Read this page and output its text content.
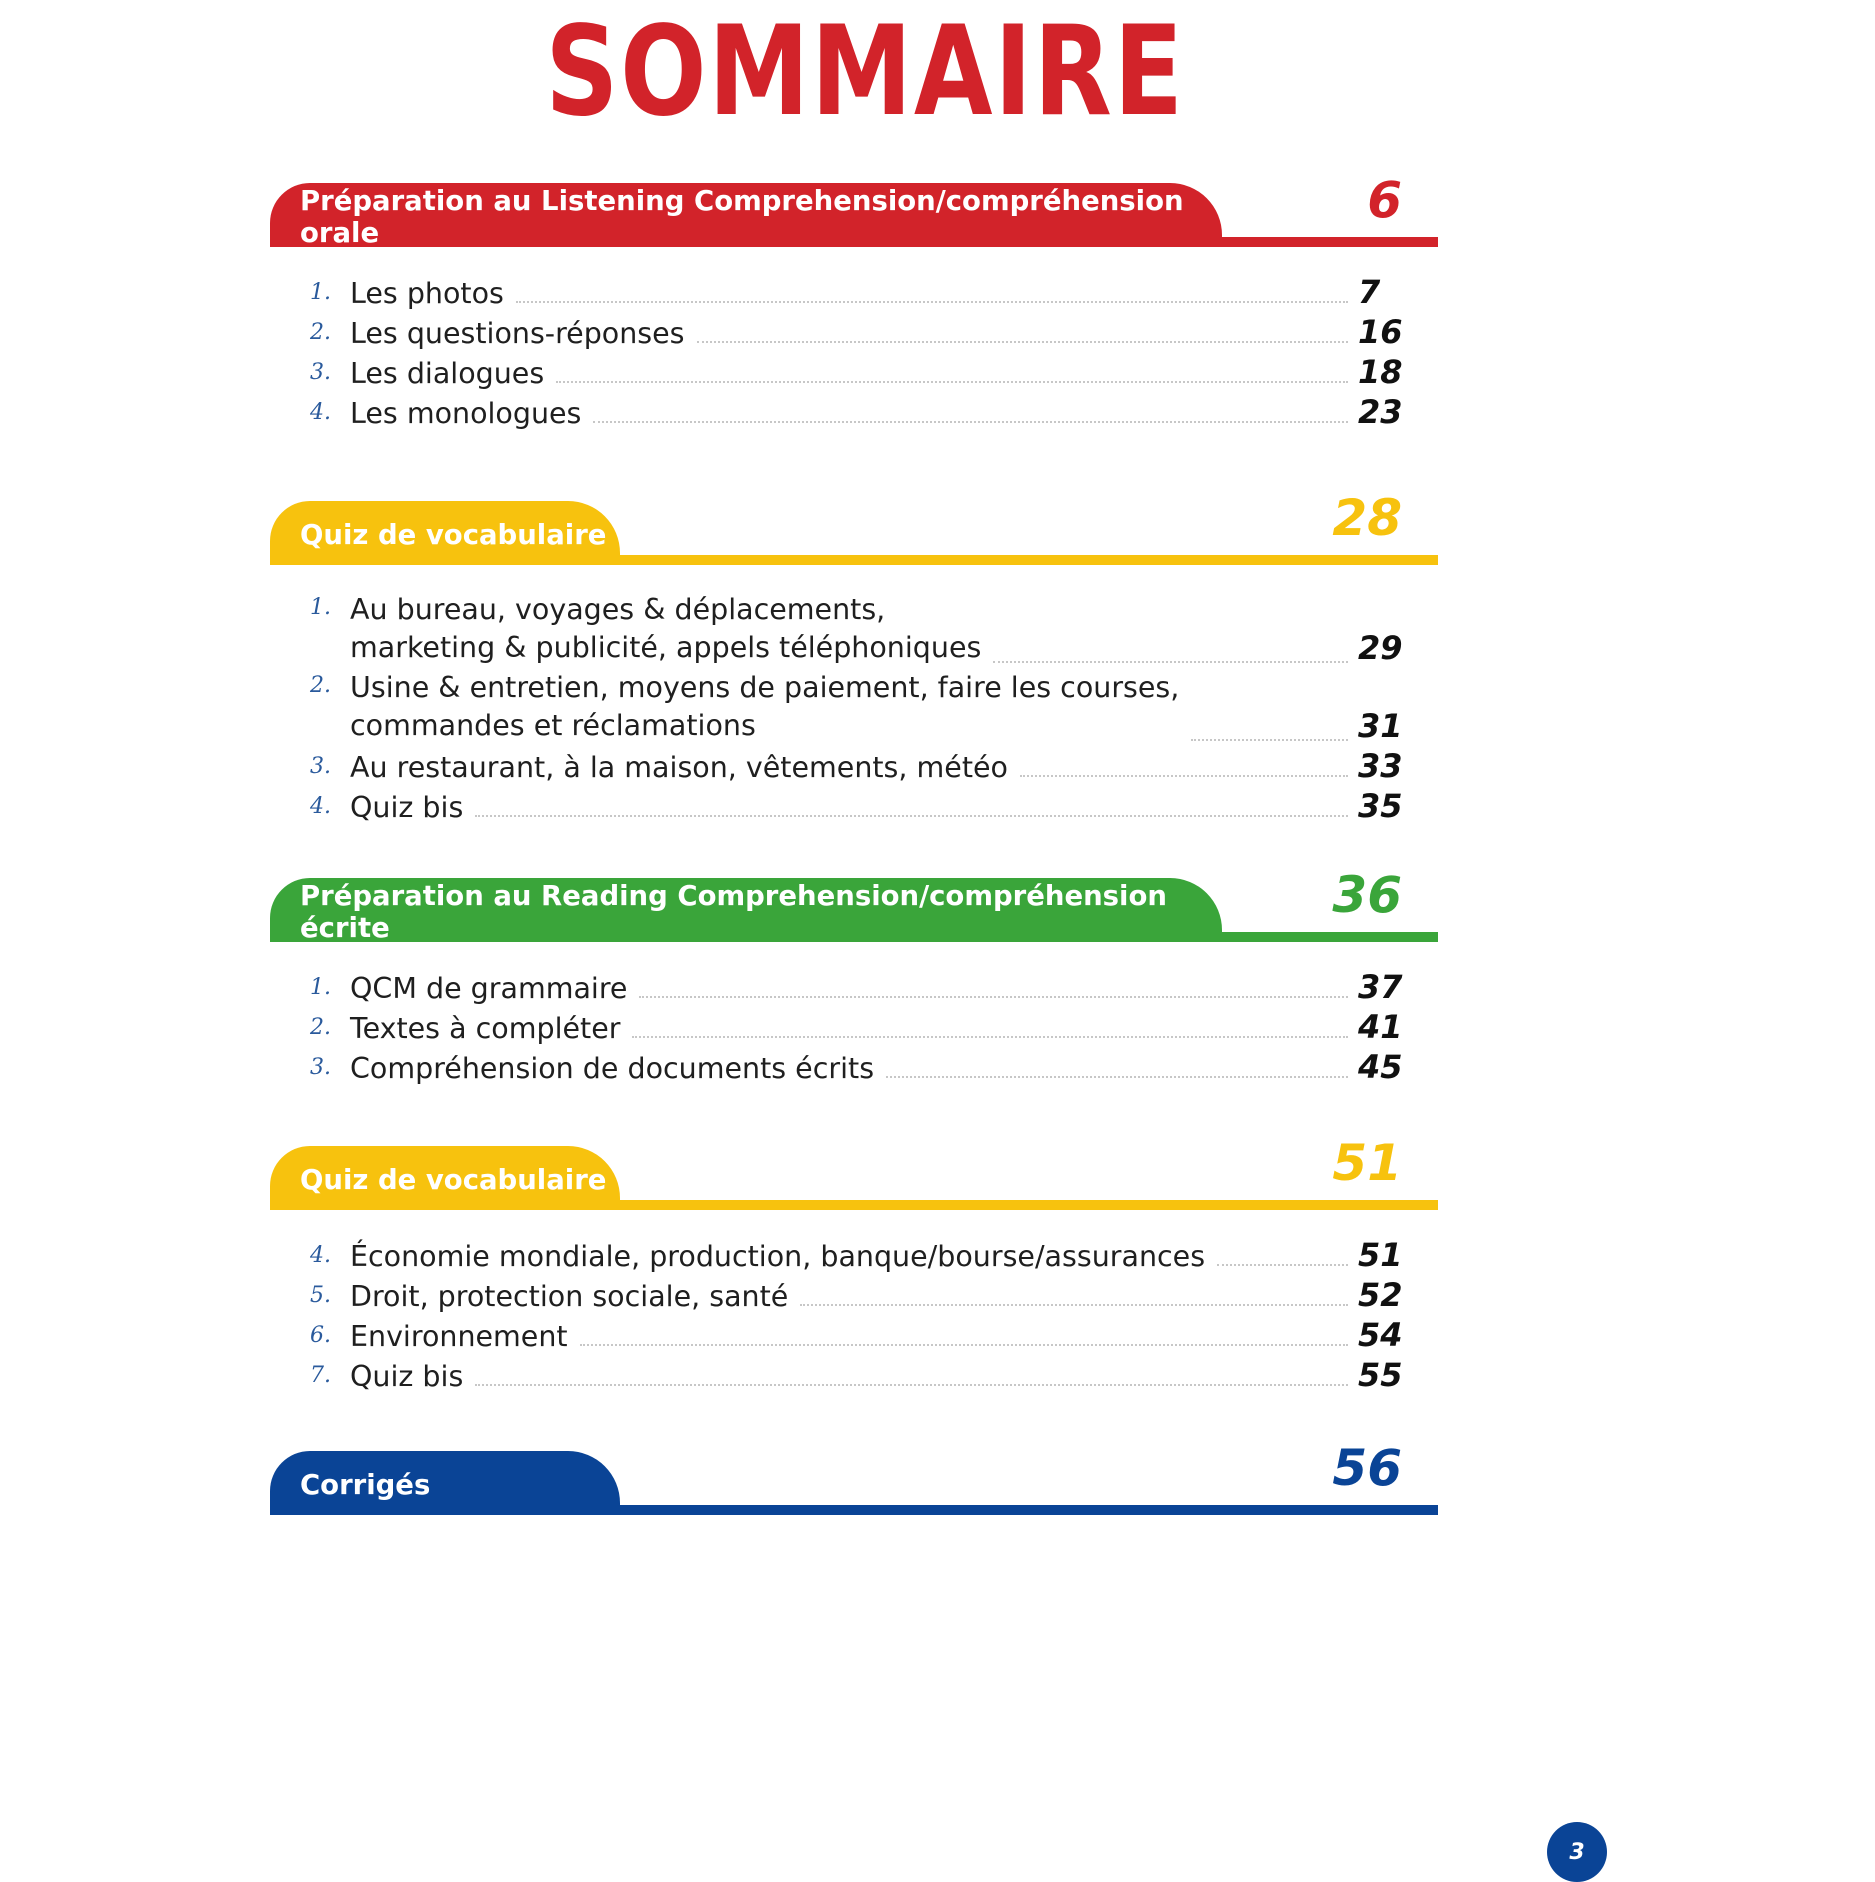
SOMMAIRE
Préparation au Listening Comprehension/compréhension orale
6
1. Les photos	7
2. Les questions-réponses	16
3. Les dialogues	18
4. Les monologues	23
Quiz de vocabulaire	28
1. Au bureau, voyages & déplacements,
marketing & publicité, appels téléphoniques	29
2. Usine & entretien, moyens de paiement, faire les courses,
commandes et réclamations	31
3. Au restaurant, à la maison, vêtements, météo	33
4. Quiz bis	35
Préparation au Reading Comprehension/compréhension écrite
36
1. QCM de grammaire	37
2. Textes à compléter	41
3. Compréhension de documents écrits	45
Quiz de vocabulaire	51
4. Économie mondiale, production, banque/bourse/assurances	51
5. Droit, protection sociale, santé	52
6. Environnement	54
7. Quiz bis	55
Corrigés	56
3
